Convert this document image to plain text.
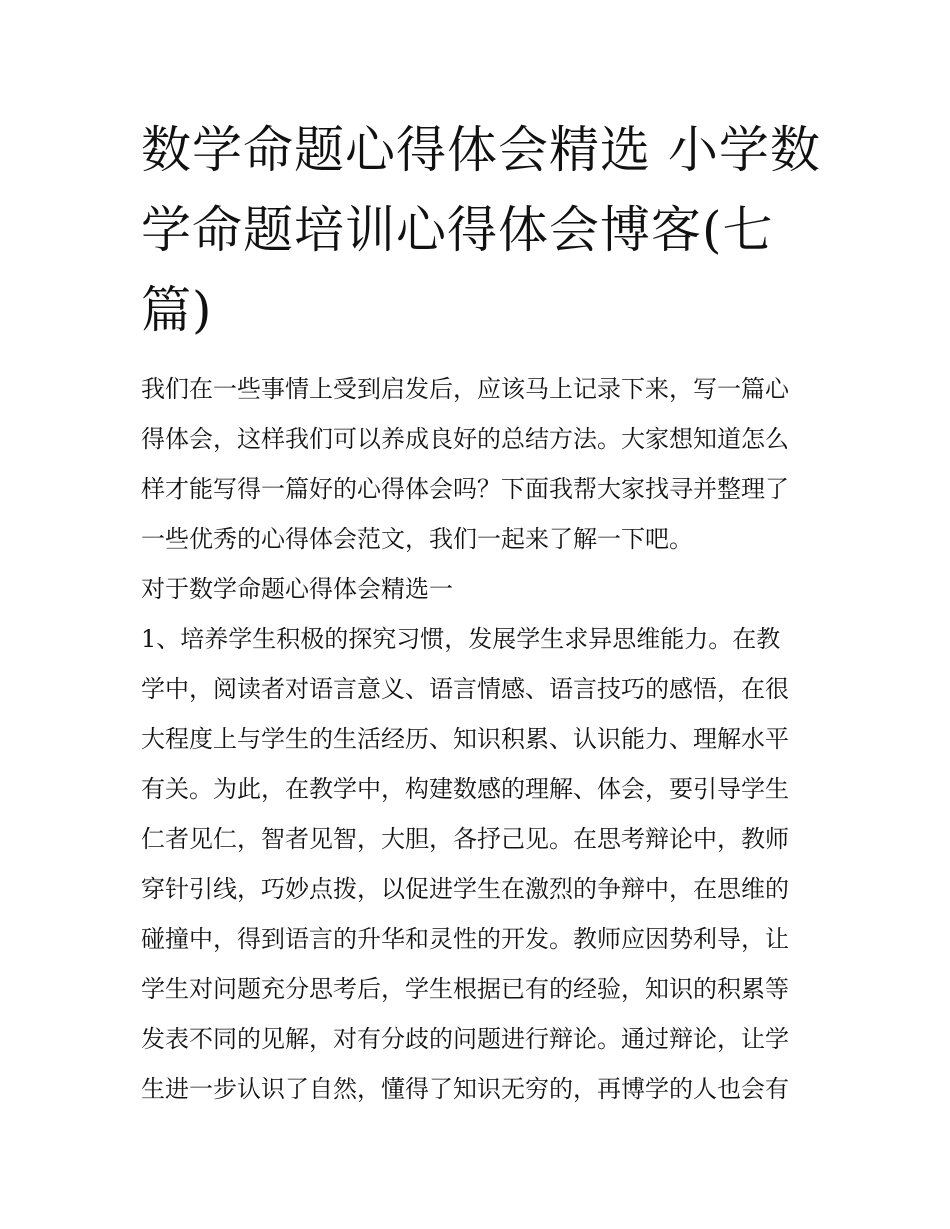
数学命题心得体会精选 小学数
学命题培训心得体会博客(七
篇)
我们在一些事情上受到启发后，应该马上记录下来，写一篇心
得体会，这样我们可以养成良好的总结方法。大家想知道怎么
样才能写得一篇好的心得体会吗？下面我帮大家找寻并整理了
一些优秀的心得体会范文，我们一起来了解一下吧。
对于数学命题心得体会精选一
1、培养学生积极的探究习惯，发展学生求异思维能力。在教
学中，阅读者对语言意义、语言情感、语言技巧的感悟，在很
大程度上与学生的生活经历、知识积累、认识能力、理解水平
有关。为此，在教学中，构建数感的理解、体会，要引导学生
仁者见仁，智者见智，大胆，各抒己见。在思考辩论中，教师
穿针引线，巧妙点拨，以促进学生在激烈的争辩中，在思维的
碰撞中，得到语言的升华和灵性的开发。教师应因势利导，让
学生对问题充分思考后，学生根据已有的经验，知识的积累等
发表不同的见解，对有分歧的问题进行辩论。通过辩论，让学
生进一步认识了自然，懂得了知识无穷的，再博学的人也会有
